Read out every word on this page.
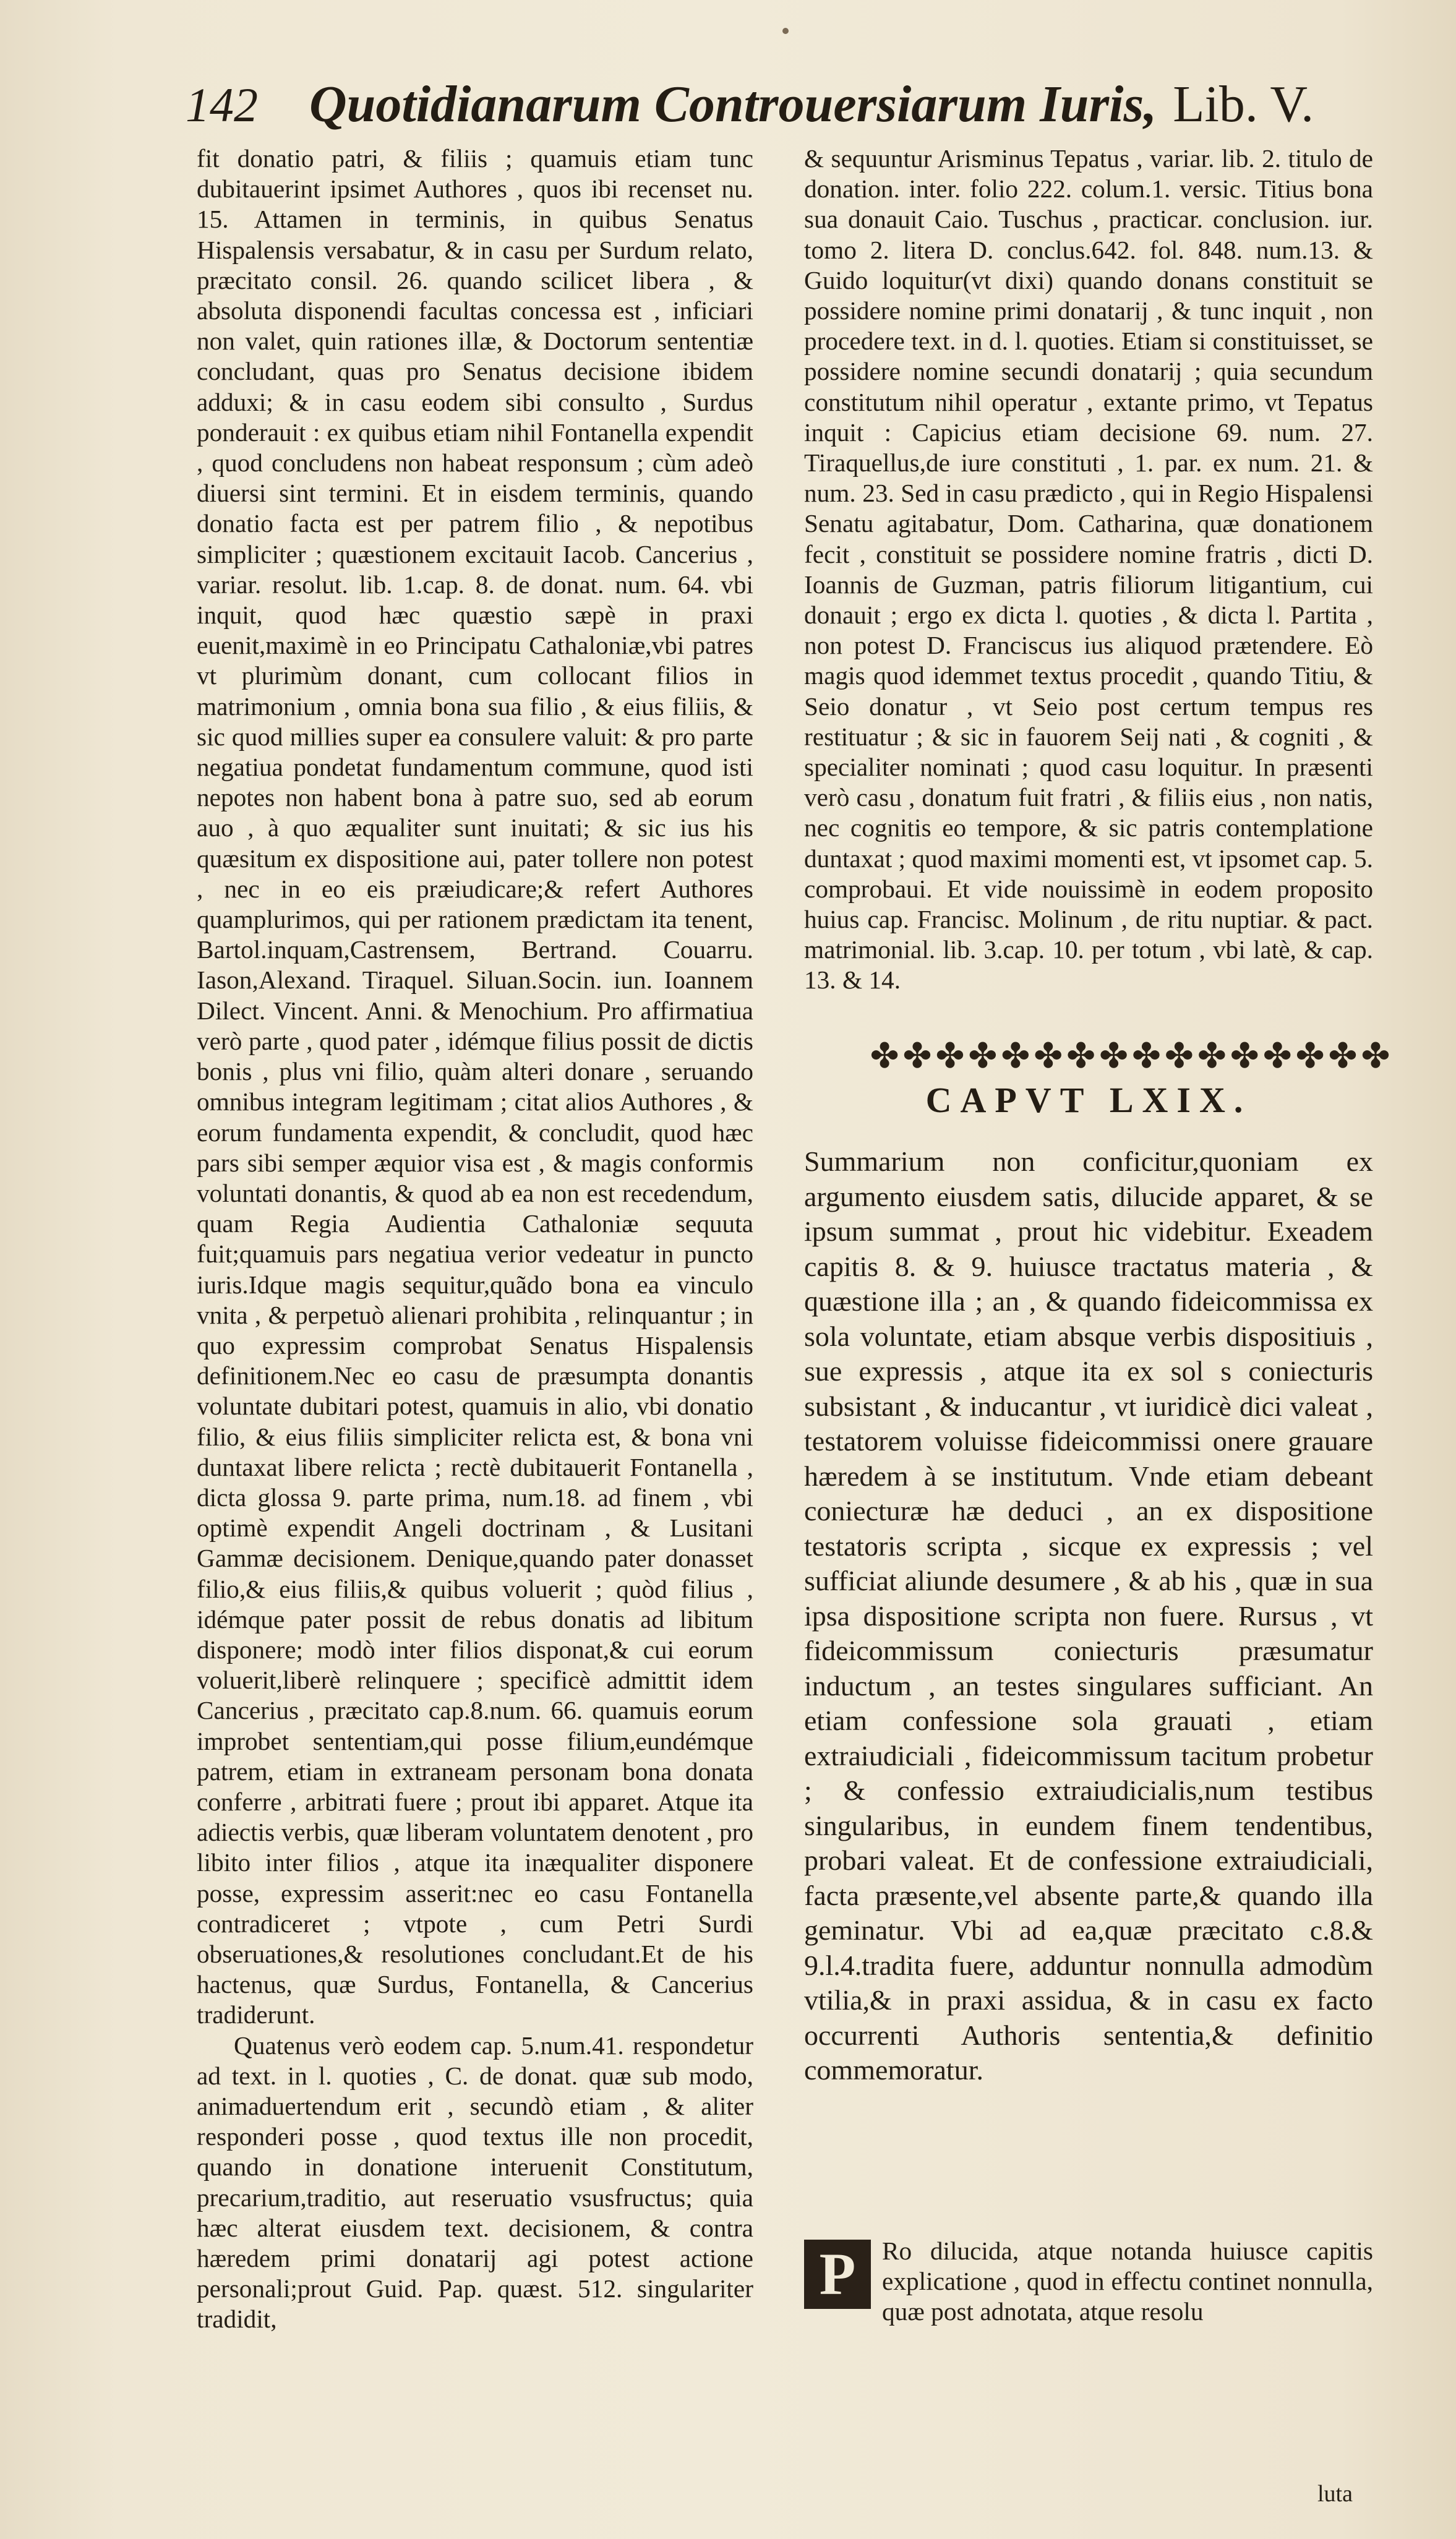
142 Quotidianarum Controuersiarum Iuris, Lib. V.

fit donatio patri, & filiis ; quamuis etiam tunc dubitauerint ipsimet Authores , quos ibi recenset nu. 15. Attamen in terminis, in quibus Senatus Hispalensis versabatur, & in casu per Surdum relato, præcitato consil. 26. quando scilicet libera , & absoluta disponendi facultas concessa est , inficiari non valet, quin rationes illæ, & Doctorum sententiæ concludant, quas pro Senatus decisione ibidem adduxi; & in casu eodem sibi consulto , Surdus ponderauit : ex quibus etiam nihil Fontanella expendit , quod concludens non habeat responsum ; cùm adeò diuersi sint termini. Et in eisdem terminis, quando donatio facta est per patrem filio , & nepotibus simpliciter ; quæstionem excitauit Iacob. Cancerius , variar. resolut. lib. 1.cap. 8. de donat. num. 64. vbi inquit, quod hæc quæstio sæpè in praxi euenit,maximè in eo Principatu Cathaloniæ,vbi patres vt plurimùm donant, cum collocant filios in matrimonium , omnia bona sua filio , & eius filiis, & sic quod millies super ea consulere valuit: & pro parte negatiua pondetat fundamentum commune, quod isti nepotes non habent bona à patre suo, sed ab eorum auo , à quo æqualiter sunt inuitati; & sic ius his quæsitum ex dispositione aui, pater tollere non potest , nec in eo eis præiudicare;& refert Authores quamplurimos, qui per rationem prædictam ita tenent, Bartol.inquam,Castrensem, Bertrand. Couarru. Iason,Alexand. Tiraquel. Siluan.Socin. iun. Ioannem Dilect. Vincent. Anni. & Menochium. Pro affirmatiua verò parte , quod pater , idémque filius possit de dictis bonis , plus vni filio, quàm alteri donare , seruando omnibus integram legitimam ; citat alios Authores , & eorum fundamenta expendit, & concludit, quod hæc pars sibi semper æquior visa est , & magis conformis voluntati donantis, & quod ab ea non est recedendum, quam Regia Audientia Cathaloniæ sequuta fuit;quamuis pars negatiua verior vedeatur in puncto iuris.Idque magis sequitur,quãdo bona ea vinculo vnita , & perpetuò alienari prohibita , relinquantur ; in quo expressim comprobat Senatus Hispalensis definitionem.Nec eo casu de præsumpta donantis voluntate dubitari potest, quamuis in alio, vbi donatio filio, & eius filiis simpliciter relicta est, & bona vni duntaxat libere relicta ; rectè dubitauerit Fontanella , dicta glossa 9. parte prima, num.18. ad finem , vbi optimè expendit Angeli doctrinam , & Lusitani Gammæ decisionem. Denique,quando pater donasset filio,& eius filiis,& quibus voluerit ; quòd filius , idémque pater possit de rebus donatis ad libitum disponere; modò inter filios disponat,& cui eorum voluerit,liberè relinquere ; specificè admittit idem Cancerius , præcitato cap.8.num. 66. quamuis eorum improbet sententiam,qui posse filium,eundémque patrem, etiam in extraneam personam bona donata conferre , arbitrati fuere ; prout ibi apparet. Atque ita adiectis verbis, quæ liberam voluntatem denotent , pro libito inter filios , atque ita inæqualiter disponere posse, expressim asserit:nec eo casu Fontanella contradiceret ; vtpote , cum Petri Surdi obseruationes,& resolutiones concludant.Et de his hactenus, quæ Surdus, Fontanella, & Cancerius tradiderunt.

Quatenus verò eodem cap. 5.num.41. respondetur ad text. in l. quoties , C. de donat. quæ sub modo, animaduertendum erit , secundò etiam , & aliter responderi posse , quod textus ille non procedit, quando in donatione interuenit Constitutum, precarium,traditio, aut reseruatio vsusfructus; quia hæc alterat eiusdem text. decisionem, & contra hæredem primi donatarij agi potest actione personali;prout Guid. Pap. quæst. 512. singulariter tradidit,

& sequuntur Arisminus Tepatus , variar. lib. 2. titulo de donation. inter. folio 222. colum.1. versic. Titius bona sua donauit Caio. Tuschus , practicar. conclusion. iur. tomo 2. litera D. conclus.642. fol. 848. num.13. & Guido loquitur(vt dixi) quando donans constituit se possidere nomine primi donatarij , & tunc inquit , non procedere text. in d. l. quoties. Etiam si constituisset, se possidere nomine secundi donatarij ; quia secundum constitutum nihil operatur , extante primo, vt Tepatus inquit : Capicius etiam decisione 69. num. 27. Tiraquellus,de iure constituti , 1. par. ex num. 21. & num. 23. Sed in casu prædicto , qui in Regio Hispalensi Senatu agitabatur, Dom. Catharina, quæ donationem fecit , constituit se possidere nomine fratris , dicti D. Ioannis de Guzman, patris filiorum litigantium, cui donauit ; ergo ex dicta l. quoties , & dicta l. Partita , non potest D. Franciscus ius aliquod prætendere. Eò magis quod idemmet textus procedit , quando Titiu, & Seio donatur , vt Seio post certum tempus res restituatur ; & sic in fauorem Seij nati , & cogniti , & specialiter nominati ; quod casu loquitur. In præsenti verò casu , donatum fuit fratri , & filiis eius , non natis, nec cognitis eo tempore, & sic patris contemplatione duntaxat ; quod maximi momenti est, vt ipsomet cap. 5. comprobaui. Et vide nouissimè in eodem proposito huius cap. Francisc. Molinum , de ritu nuptiar. & pact. matrimonial. lib. 3.cap. 10. per totum , vbi latè, & cap. 13. & 14.

✤✤✤✤✤✤✤✤✤✤✤✤✤✤✤✤
CAPVT LXIX.

Summarium non conficitur,quoniam ex argumento eiusdem satis, dilucide apparet, & se ipsum summat , prout hic videbitur. Exeadem capitis 8. & 9. huiusce tractatus materia , & quæstione illa ; an , & quando fideicommissa ex sola voluntate, etiam absque verbis dispositiuis , sue expressis , atque ita ex sol s coniecturis subsistant , & inducantur , vt iuridicè dici valeat , testatorem voluisse fideicommissi onere grauare hæredem à se institutum. Vnde etiam debeant coniecturæ hæ deduci , an ex dispositione testatoris scripta , sicque ex expressis ; vel sufficiat aliunde desumere , & ab his , quæ in sua ipsa dispositione scripta non fuere. Rursus , vt fideicommissum coniecturis præsumatur inductum , an testes singulares sufficiant. An etiam confessione sola grauati , etiam extraiudiciali , fideicommissum tacitum probetur ; & confessio extraiudicialis,num testibus singularibus, in eundem finem tendentibus, probari valeat. Et de confessione extraiudiciali, facta præsente,vel absente parte,& quando illa geminatur. Vbi ad ea,quæ præcitato c.8.& 9.l.4.tradita fuere, adduntur nonnulla admodùm vtilia,& in praxi assidua, & in casu ex facto occurrenti Authoris sententia,& definitio commemoratur.

P	Ro dilucida, atque notanda huiusce capitis explicatione , quod in effectu continet nonnulla, quæ post adnotata, atque resolu
luta
